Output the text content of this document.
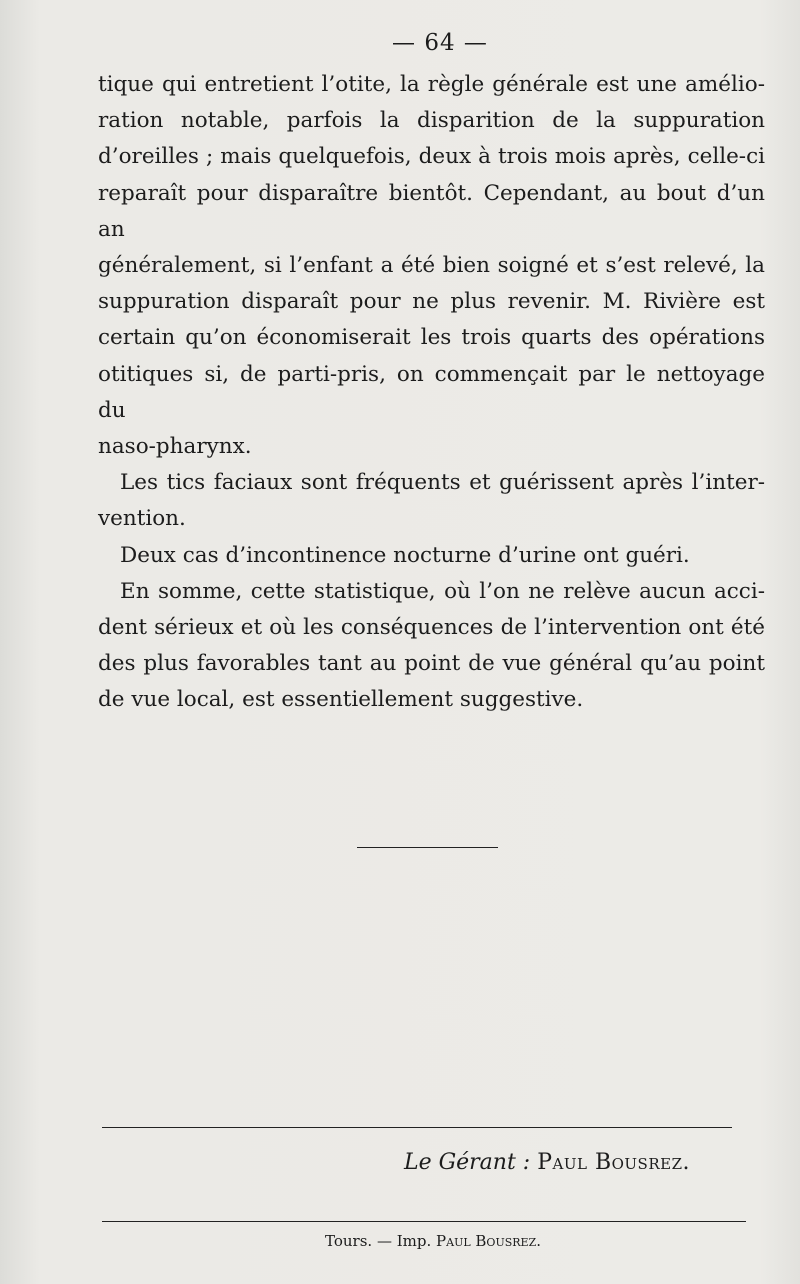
— 64 —

tique qui entretient l’otite, la règle générale est une amélio-

ration notable, parfois la disparition de la suppuration

d’oreilles ; mais quelquefois, deux à trois mois après, celle-ci

reparaît pour disparaître bientôt. Cependant, au bout d’un an

généralement, si l’enfant a été bien soigné et s’est relevé, la

suppuration disparaît pour ne plus revenir. M. Rivière est

certain qu’on économiserait les trois quarts des opérations

otitiques si, de parti-pris, on commençait par le nettoyage du

naso-pharynx.

Les tics faciaux sont fréquents et guérissent après l’inter-

vention.

Deux cas d’incontinence nocturne d’urine ont guéri.

En somme, cette statistique, où l’on ne relève aucun acci-

dent sérieux et où les conséquences de l’intervention ont été

des plus favorables tant au point de vue général qu’au point

de vue local, est essentiellement suggestive.

Le Gérant : Paul Bousrez.
Tours. — Imp. Paul Bousrez.
